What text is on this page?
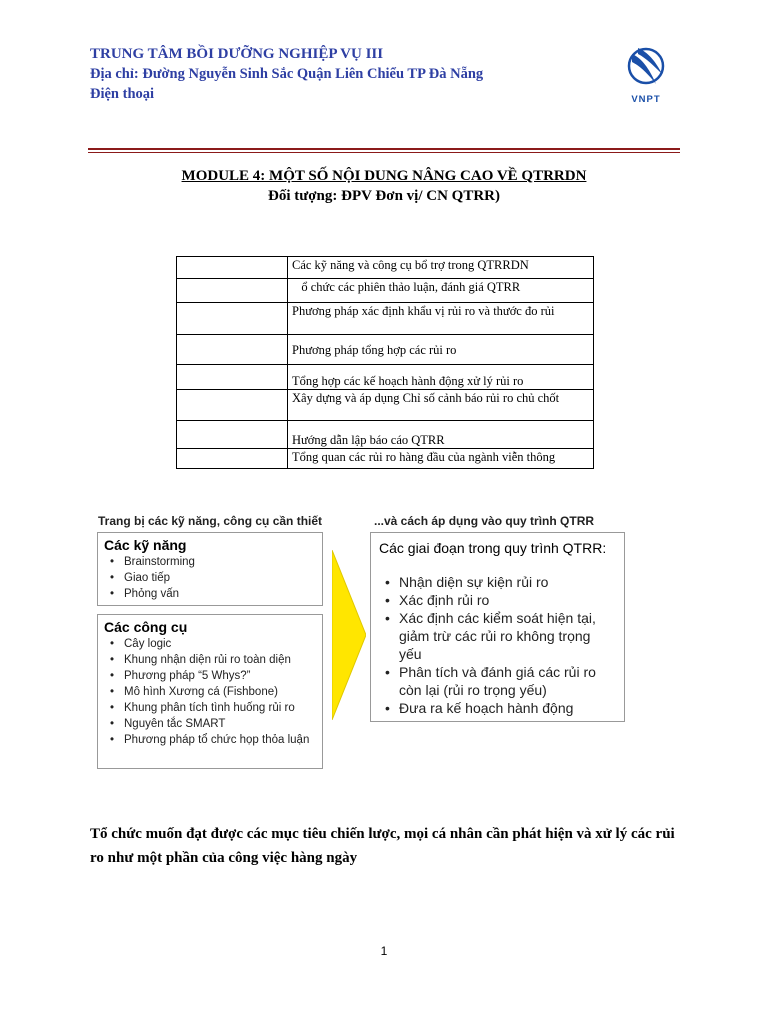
TRUNG TÂM BỒI DƯỠNG NGHIỆP VỤ III
Địa chỉ: Đường Nguyễn Sinh Sắc Quận Liên Chiểu TP Đà Nẵng
Điện thoại	VNPT
MODULE 4: MỘT SỐ NỘI DUNG NÂNG CAO VỀ QTRRDN
Đối tượng: ĐPV Đơn vị/ CN QTRR)
	Các kỹ năng và công cụ bổ trợ trong QTRRDN
	ổ chức các phiên thảo luận, đánh giá QTRR
	Phương pháp xác định khẩu vị rủi ro và thước đo rủi
	Phương pháp tổng hợp các rủi ro
	Tổng hợp các kế hoạch hành động xử lý rủi ro
	Xây dựng và áp dụng Chỉ số cảnh báo rủi ro chủ chốt
	Hướng dẫn lập báo cáo QTRR
	Tổng quan các rủi ro hàng đầu của ngành viễn thông
Trang bị các kỹ năng, công cụ cần thiết	...và cách áp dụng vào quy trình QTRR
Các kỹ năng
• Brainstorming
• Giao tiếp
• Phỏng vấn
Các công cụ
• Cây logic
• Khung nhận diện rủi ro toàn diện
• Phương pháp “5 Whys?”
• Mô hình Xương cá (Fishbone)
• Khung phân tích tình huống rủi ro
• Nguyên tắc SMART
• Phương pháp tổ chức họp thỏa luận
Các giai đoạn trong quy trình QTRR:
• Nhận diện sự kiện rủi ro
• Xác định rủi ro
• Xác định các kiểm soát hiện tại, giảm trừ các rủi ro không trọng yếu
• Phân tích và đánh giá các rủi ro còn lại (rủi ro trọng yếu)
• Đưa ra kế hoạch hành động
Tổ chức muốn đạt được các mục tiêu chiến lược, mọi cá nhân cần phát hiện và xử lý các rủi ro như một phần của công việc hàng ngày
1
